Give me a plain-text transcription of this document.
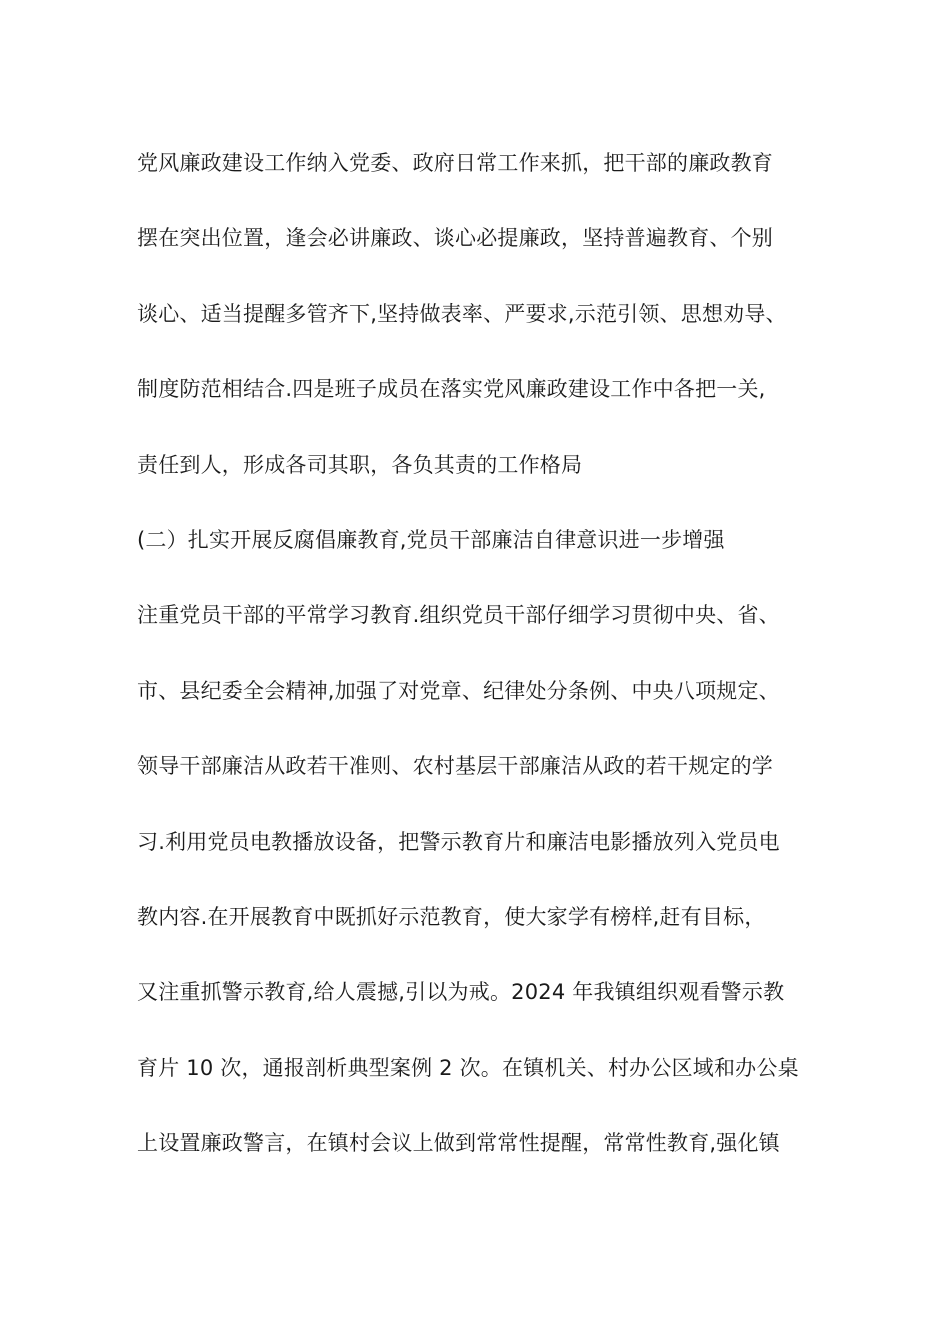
党风廉政建设工作纳入党委、政府日常工作来抓，把干部的廉政教育
摆在突出位置，逢会必讲廉政、谈心必提廉政，坚持普遍教育、个别
谈心、适当提醒多管齐下,坚持做表率、严要求,示范引领、思想劝导、
制度防范相结合.四是班子成员在落实党风廉政建设工作中各把一关,
责任到人，形成各司其职，各负其责的工作格局
(二）扎实开展反腐倡廉教育,党员干部廉洁自律意识进一步增强
注重党员干部的平常学习教育.组织党员干部仔细学习贯彻中央、省、
市、县纪委全会精神,加强了对党章、纪律处分条例、中央八项规定、
领导干部廉洁从政若干准则、农村基层干部廉洁从政的若干规定的学
习.利用党员电教播放设备，把警示教育片和廉洁电影播放列入党员电
教内容.在开展教育中既抓好示范教育，使大家学有榜样,赶有目标，
又注重抓警示教育,给人震撼,引以为戒。2024 年我镇组织观看警示教
育片 10 次，通报剖析典型案例 2 次。在镇机关、村办公区域和办公桌
上设置廉政警言，在镇村会议上做到常常性提醒，常常性教育,强化镇
